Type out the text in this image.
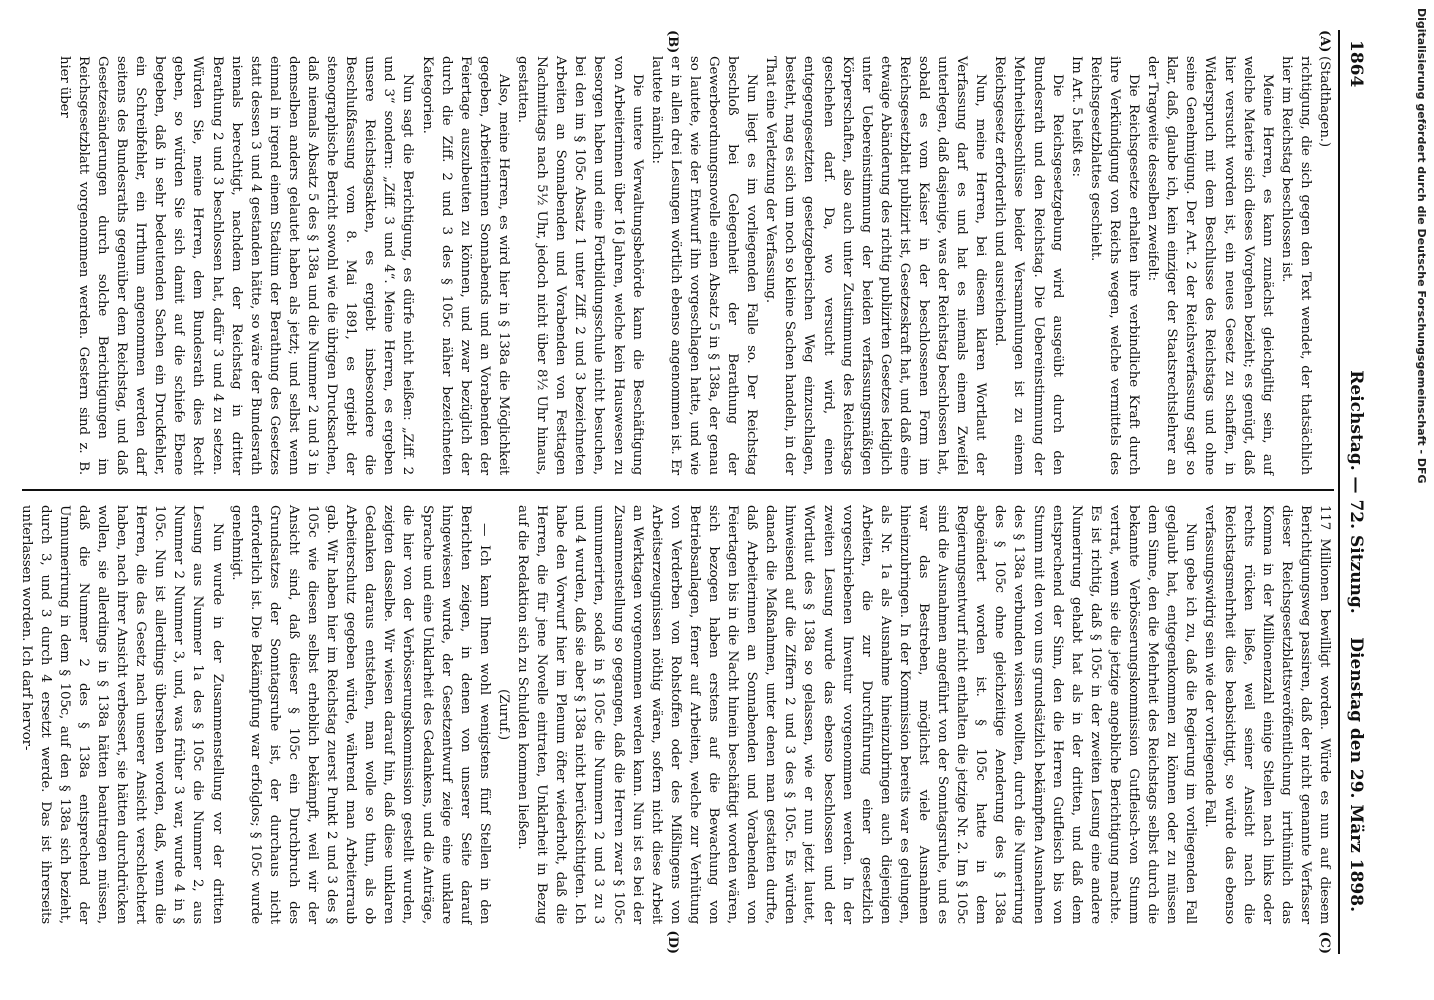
1864
Reichstag. — 72. Sitzung.
Dienstag den 29. März 1898.
(A)
(B)

(Stadthagen.)
richtigung, die sich gegen den Text wendet, der thatsächlich hier im Reichstag beschlossen ist.

Meine Herren, es kann zunächst gleichgiltig sein, auf welche Materie sich dieses Vorgehen bezieht; es genügt, daß hier versucht worden ist, ein neues Gesetz zu schaffen, in Widerspruch mit dem Beschlusse des Reichstags und ohne seine Genehmigung. Der Art. 2 der Reichsverfassung sagt so klar, daß, glaube ich, kein einziger der Staatsrechtslehrer an der Tragweite desselben zweifelt:

Die Reichsgesetze erhalten ihre verbindliche Kraft durch ihre Verkündigung von Reichs wegen, welche vermittels des Reichsgesetzblattes geschieht.

Im Art. 5 heißt es:

Die Reichsgesetzgebung wird ausgeübt durch den Bundesrath und den Reichstag. Die Uebereinstimmung der Mehrheitsbeschlüsse beider Versammlungen ist zu einem Reichsgesetz erforderlich und ausreichend.

Nun, meine Herren, bei diesem klaren Wortlaut der Verfassung darf es und hat es niemals einem Zweifel unterlegen, daß dasjenige, was der Reichstag beschlossen hat, sobald es vom Kaiser in der beschlossenen Form im Reichsgesetzblatt publizirt ist, Gesetzeskraft hat, und daß eine etwaige Abänderung des richtig publizirten Gesetzes lediglich unter Uebereinstimmung der beiden verfassungsmäßigen Körperschaften, also auch unter Zustimmung des Reichstags geschehen darf. Da, wo versucht wird, einen entgegengesetzten gesetzgeberischen Weg einzuschlagen, besteht, mag es sich um noch so kleine Sachen handeln, in der That eine Verletzung der Verfassung.

Nun liegt es im vorliegenden Falle so. Der Reichstag beschloß bei Gelegenheit der Berathung der Gewerbeordnungsnovelle einen Absatz 5 in § 138a, der genau so lautete, wie der Entwurf ihn vorgeschlagen hatte, und wie er in allen drei Lesungen wörtlich ebenso angenommen ist. Er lautete nämlich:

Die untere Verwaltungsbehörde kann die Beschäftigung von Arbeiterinnen über 16 Jahren, welche kein Hauswesen zu besorgen haben und eine Fortbildungsschule nicht besuchen, bei den im § 105c Absatz 1 unter Ziff. 2 und 3 bezeichneten Arbeiten an Sonnabenden und Vorabenden von Festtagen Nachmittags nach 5½ Uhr, jedoch nicht über 8½ Uhr hinaus, gestatten.

Also, meine Herren, es wird hier in § 138a die Möglichkeit gegeben, Arbeiterinnen Sonnabends und an Vorabenden der Feiertage auszubeuten zu können, und zwar bezüglich der durch die Ziff. 2 und 3 des § 105c näher bezeichneten Kategorien.

Nun sagt die Berichtigung, es dürfe nicht heißen: „Ziff. 2 und 3“ sondern: „Ziff. 3 und 4“. Meine Herren, es ergeben unsere Reichstagsakten, es ergiebt insbesondere die Beschlußfassung vom 8. Mai 1891, es ergiebt der stenographische Bericht sowohl wie die übrigen Drucksachen, daß niemals Absatz 5 des § 138a und die Nummer 2 und 3 in demselben anders gelautet haben als jetzt; und selbst wenn einmal in irgend einem Stadium der Berathung des Gesetzes statt dessen 3 und 4 gestanden hätte, so wäre der Bundesrath niemals berechtigt, nachdem der Reichstag in dritter Berathung 2 und 3 beschlossen hat, dafür 3 und 4 zu setzen. Würden Sie, meine Herren, dem Bundesrath dies Recht geben, so würden Sie sich damit auf die schiefe Ebene begeben, daß in sehr bedeutenden Sachen ein Druckfehler, ein Schreibfehler, ein Irrthum angenommen werden darf seitens des Bundesraths gegenüber dem Reichstag, und daß Gesetzesänderungen durch solche Berichtigungen im Reichsgesetzblatt vorgenommen werden. Gestern sind z. B. hier über

(C)
(D)

117 Millionen bewilligt worden. Würde es nun auf diesem Berichtigungsweg passiren, daß der nicht genannte Verfasser dieser Reichsgesetzblattsveröffentlichung irrthümlich das Komma in der Millionenzahl einige Stellen nach links oder rechts rücken ließe, weil seiner Ansicht nach die Reichstagsmehrheit dies beabsichtigt, so würde das ebenso verfassungswidrig sein wie der vorliegende Fall.

Nun gebe ich zu, daß die Regierung im vorliegenden Fall geglaubt hat, entgegenkommen zu können oder zu müssen dem Sinne, den die Mehrheit des Reichstags selbst durch die bekannte Verbösserungskommission Gutfleisch-von Stumm vertrat, wenn sie die jetzige angebliche Berichtigung machte. Es ist richtig, daß § 105c in der zweiten Lesung eine andere Numerirung gehabt hat als in der dritten, und daß dem entsprechend der Sinn, den die Herren Gutfleisch bis von Stumm mit den von uns grundsätzlich bekämpften Ausnahmen des § 138a verbunden wissen wollten, durch die Numerirung des § 105c ohne gleichzeitige Aenderung des § 138a abgeändert worden ist. § 105c hatte in dem Regierungsentwurf nicht enthalten die jetzige Nr. 2. Im § 105c sind die Ausnahmen angeführt von der Sonntagsruhe, und es war das Bestreben, möglichst viele Ausnahmen hineinzubringen. In der Kommission bereits war es gelungen, als Nr. 1a als Ausnahme hineinzubringen auch diejenigen Arbeiten, die zur Durchführung einer gesetzlich vorgeschriebenen Inventur vorgenommen werden. In der zweiten Lesung wurde das ebenso beschlossen und der Wortlaut des § 138a so gelassen, wie er nun jetzt lautet, hinweisend auf die Ziffern 2 und 3 des § 105c. Es würden danach die Maßnahmen, unter denen man gestatten durfte, daß Arbeiterinnen an Sonnabenden und Vorabenden von Feiertagen bis in die Nacht hinein beschäftigt worden wären, sich bezogen haben erstens auf die Bewachung von Betriebsanlagen, ferner auf Arbeiten, welche zur Verhütung von Verderben von Rohstoffen oder des Mißlingens von Arbeitserzeugnissen nöthig wären, sofern nicht diese Arbeit an Werktagen vorgenommen werden kann. Nun ist es bei der Zusammenstellung so gegangen, daß die Herren zwar § 105c umnumerirten, sodaß in § 105c die Nummern 2 und 3 zu 3 und 4 wurden, daß sie aber § 138a nicht berücksichtigten. Ich habe den Vorwurf hier im Plenum öfter wiederholt, daß die Herren, die für jene Novelle eintraten, Unklarheit in Bezug auf die Redaktion sich zu Schulden kommen ließen.

(Zuruf.)

— Ich kann Ihnen wohl wenigstens fünf Stellen in den Berichten zeigen, in denen von unserer Seite darauf hingewiesen wurde, der Gesetzentwurf zeige eine unklare Sprache und eine Unklarheit des Gedankens, und die Anträge, die hier von der Verbösserungskommission gestellt wurden, zeigten dasselbe. Wir wiesen darauf hin, daß diese unklaren Gedanken daraus entstehen, man wolle so thun, als ob Arbeiterschutz gegeben würde, während man Arbeiterraub gab. Wir haben hier im Reichstag zuerst Punkt 2 und 3 des § 105c wie diesen selbst erheblich bekämpft, weil wir der Ansicht sind, daß dieser § 105c ein Durchbruch des Grundsatzes der Sonntagsruhe ist, der durchaus nicht erforderlich ist. Die Bekämpfung war erfolglos; § 105c wurde genehmigt.

Nun wurde in der Zusammenstellung vor der dritten Lesung aus Nummer 1a des § 105c die Nummer 2, aus Nummer 2 Nummer 3, und, was früher 3 war, wurde 4 in § 105c. Nun ist allerdings übersehen worden, daß, wenn die Herren, die das Gesetz nach unserer Ansicht verschlechtert haben, nach ihrer Ansicht verbessert, sie hätten durchdrücken wollen, sie allerdings in § 138a hätten beantragen müssen, daß die Nummer 2 des § 138a entsprechend der Umnumerirung in dem § 105c, auf den § 138a sich bezieht, durch 3, und 3 durch 4 ersetzt werde. Das ist ihrerseits unterlassen worden. Ich darf hervor-

Digitalisierung gefördert durch die Deutsche Forschungsgemeinschaft - DFG
